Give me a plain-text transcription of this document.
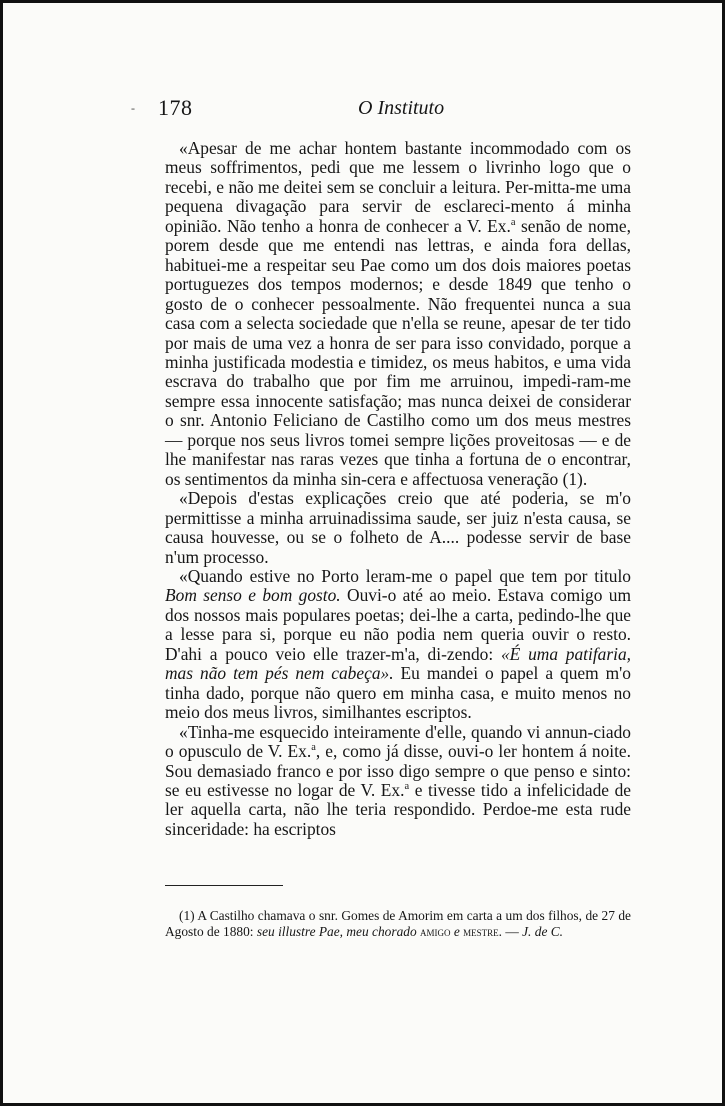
- 178	O Instituto

«Apesar de me achar hontem bastante incommodado com os meus soffrimentos, pedi que me lessem o livrinho logo que o recebi, e não me deitei sem se concluir a leitura. Per-mitta-me uma pequena divagação para servir de esclareci-mento á minha opinião. Não tenho a honra de conhecer a V. Ex.$^a$ senão de nome, porem desde que me entendi nas lettras, e ainda fora dellas, habituei-me a respeitar seu Pae como um dos dois maiores poetas portuguezes dos tempos modernos; e desde 1849 que tenho o gosto de o conhecer pessoalmente. Não frequentei nunca a sua casa com a selecta sociedade que n'ella se reune, apesar de ter tido por mais de uma vez a honra de ser para isso convidado, porque a minha justificada modestia e timidez, os meus habitos, e uma vida escrava do trabalho que por fim me arruinou, impedi-ram-me sempre essa innocente satisfação; mas nunca deixei de considerar o snr. Antonio Feliciano de Castilho como um dos meus mestres — porque nos seus livros tomei sempre lições proveitosas — e de lhe manifestar nas raras vezes que tinha a fortuna de o encontrar, os sentimentos da minha sin-cera e affectuosa veneração (1).

«Depois d'estas explicações creio que até poderia, se m'o permittisse a minha arruinadissima saude, ser juiz n'esta causa, se causa houvesse, ou se o folheto de A.... podesse servir de base n'um processo.

«Quando estive no Porto leram-me o papel que tem por titulo Bom senso e bom gosto. Ouvi-o até ao meio. Estava comigo um dos nossos mais populares poetas; dei-lhe a carta, pedindo-lhe que a lesse para si, porque eu não podia nem queria ouvir o resto. D'ahi a pouco veio elle trazer-m'a, di-zendo: «É uma patifaria, mas não tem pés nem cabeça». Eu mandei o papel a quem m'o tinha dado, porque não quero em minha casa, e muito menos no meio dos meus livros, similhantes escriptos.

«Tinha-me esquecido inteiramente d'elle, quando vi annun-ciado o opusculo de V. Ex.$^a$, e, como já disse, ouvi-o ler hontem á noite. Sou demasiado franco e por isso digo sempre o que penso e sinto: se eu estivesse no logar de V. Ex.$^a$ e tivesse tido a infelicidade de ler aquella carta, não lhe teria respondido. Perdoe-me esta rude sinceridade: ha escriptos

(1) A Castilho chamava o snr. Gomes de Amorim em carta a um dos filhos, de 27 de Agosto de 1880: seu illustre Pae, meu chorado amigo e mestre. — J. de C.
